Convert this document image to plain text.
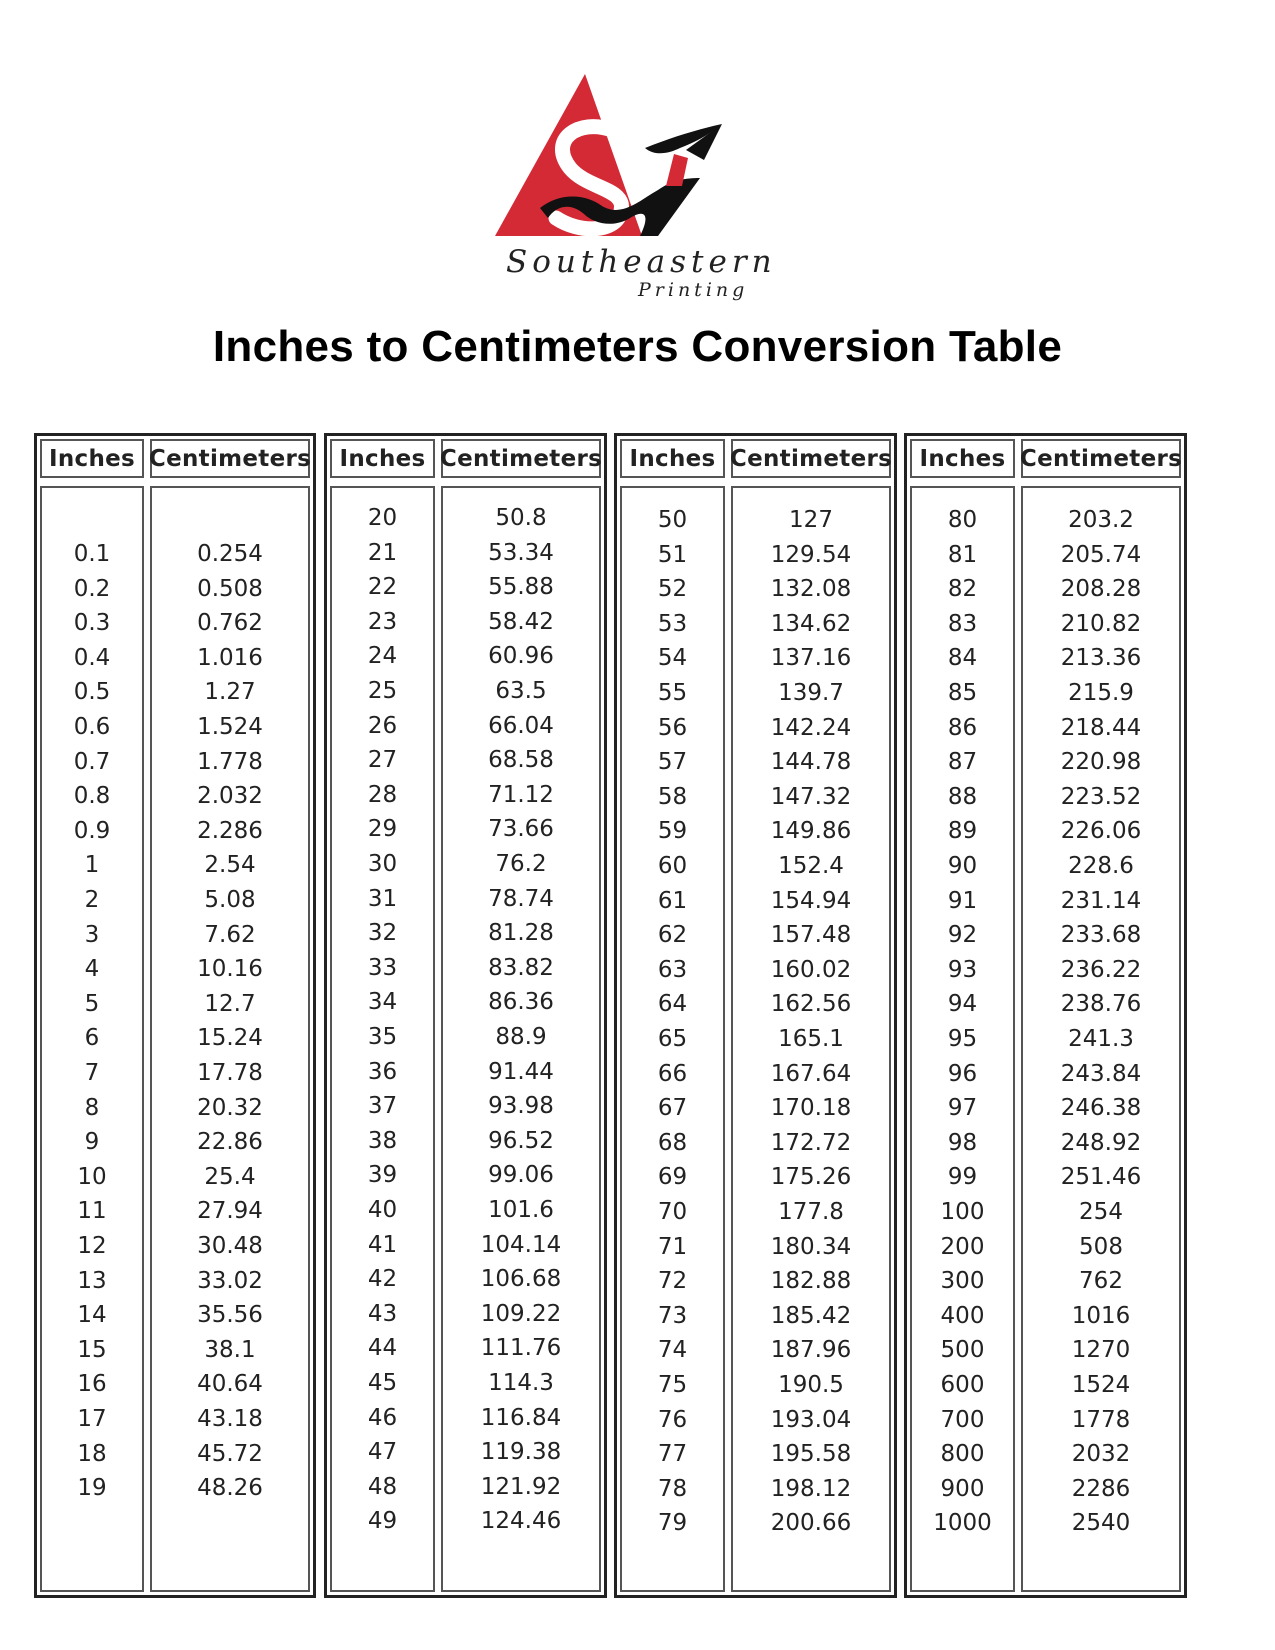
Southeastern
Printing
Inches to Centimeters Conversion Table
Inches Centimeters
0.1
0.2
0.3
0.4
0.5
0.6
0.7
0.8
0.9
1
2
3
4
5
6
7
8
9
10
11
12
13
14
15
16
17
18
19
0.254
0.508
0.762
1.016
1.27
1.524
1.778
2.032
2.286
2.54
5.08
7.62
10.16
12.7
15.24
17.78
20.32
22.86
25.4
27.94
30.48
33.02
35.56
38.1
40.64
43.18
45.72
48.26
Inches Centimeters
20
21
22
23
24
25
26
27
28
29
30
31
32
33
34
35
36
37
38
39
40
41
42
43
44
45
46
47
48
49
50.8
53.34
55.88
58.42
60.96
63.5
66.04
68.58
71.12
73.66
76.2
78.74
81.28
83.82
86.36
88.9
91.44
93.98
96.52
99.06
101.6
104.14
106.68
109.22
111.76
114.3
116.84
119.38
121.92
124.46
Inches Centimeters
50
51
52
53
54
55
56
57
58
59
60
61
62
63
64
65
66
67
68
69
70
71
72
73
74
75
76
77
78
79
127
129.54
132.08
134.62
137.16
139.7
142.24
144.78
147.32
149.86
152.4
154.94
157.48
160.02
162.56
165.1
167.64
170.18
172.72
175.26
177.8
180.34
182.88
185.42
187.96
190.5
193.04
195.58
198.12
200.66
Inches Centimeters
80
81
82
83
84
85
86
87
88
89
90
91
92
93
94
95
96
97
98
99
100
200
300
400
500
600
700
800
900
1000
203.2
205.74
208.28
210.82
213.36
215.9
218.44
220.98
223.52
226.06
228.6
231.14
233.68
236.22
238.76
241.3
243.84
246.38
248.92
251.46
254
508
762
1016
1270
1524
1778
2032
2286
2540
